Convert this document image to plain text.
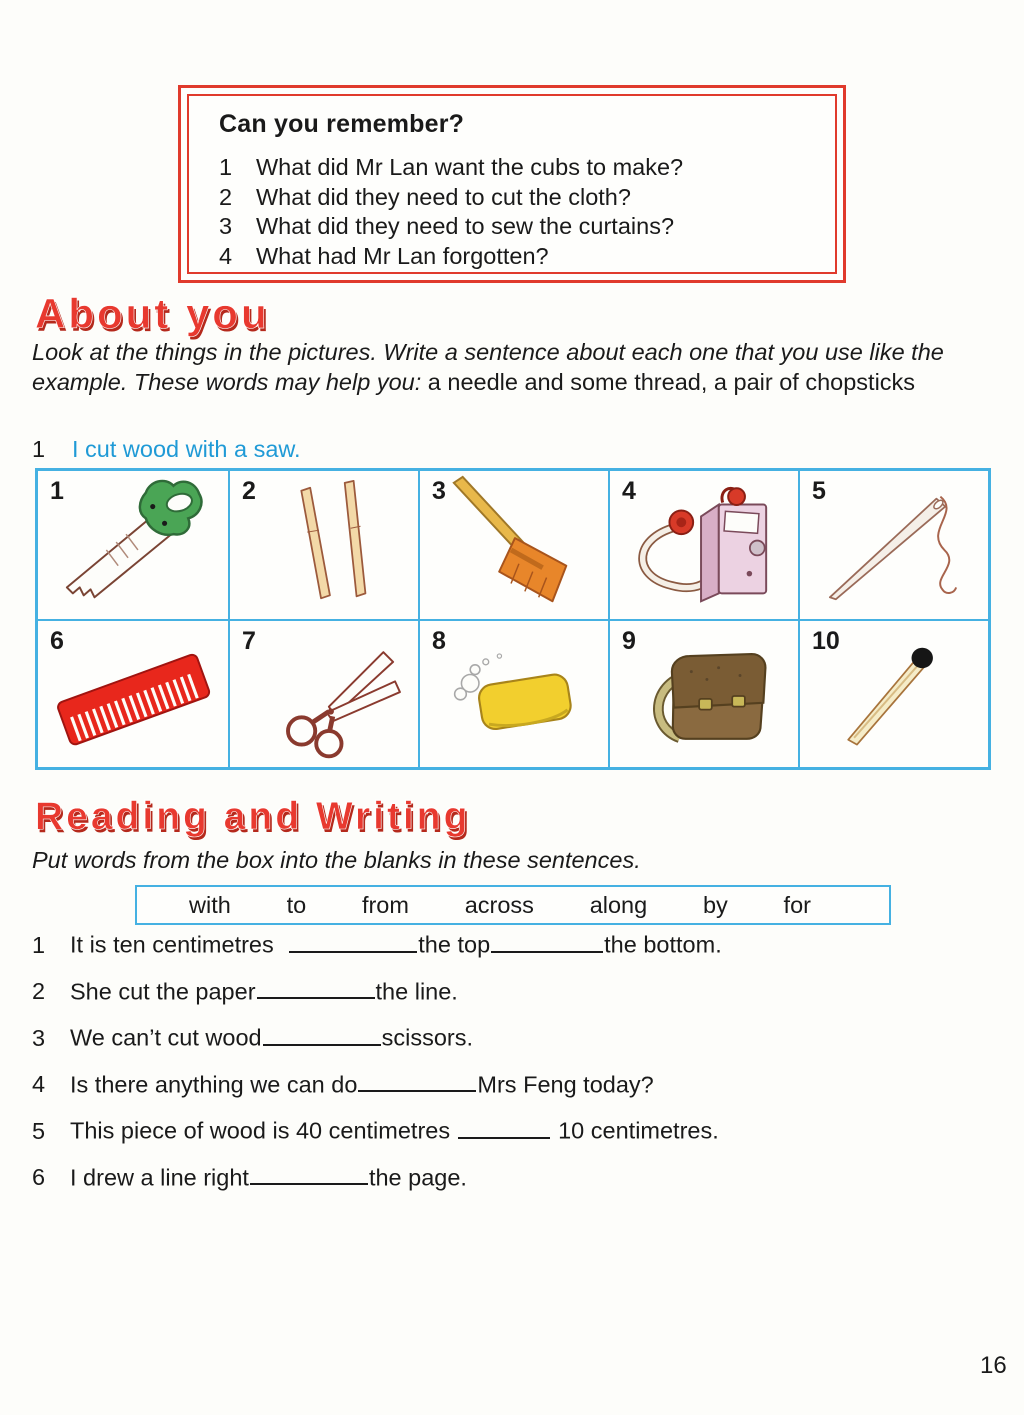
Can you remember?
1	What did Mr Lan want the cubs to make?
2	What did they need to cut the cloth?
3	What did they need to sew the curtains?
4	What had Mr Lan forgotten?
About you

Look at the things in the pictures. Write a sentence about each one that you use like the example. These words may help you: a needle and some thread, a pair of chopsticks

1 I cut wood with a saw.
1	2	3	4	5
6	7	8	9	10
Reading and Writing

Put words from the box into the blanks in these sentences.

with to from across along by for
1 It is ten centimetres	the top	the bottom.
2 She cut the paper	the line.
3 We can’t cut wood	scissors.
4 Is there anything we can do	Mrs Feng today?
5 This piece of wood is 40 centimetres	10 centimetres.
6 I drew a line right	the page.
16
